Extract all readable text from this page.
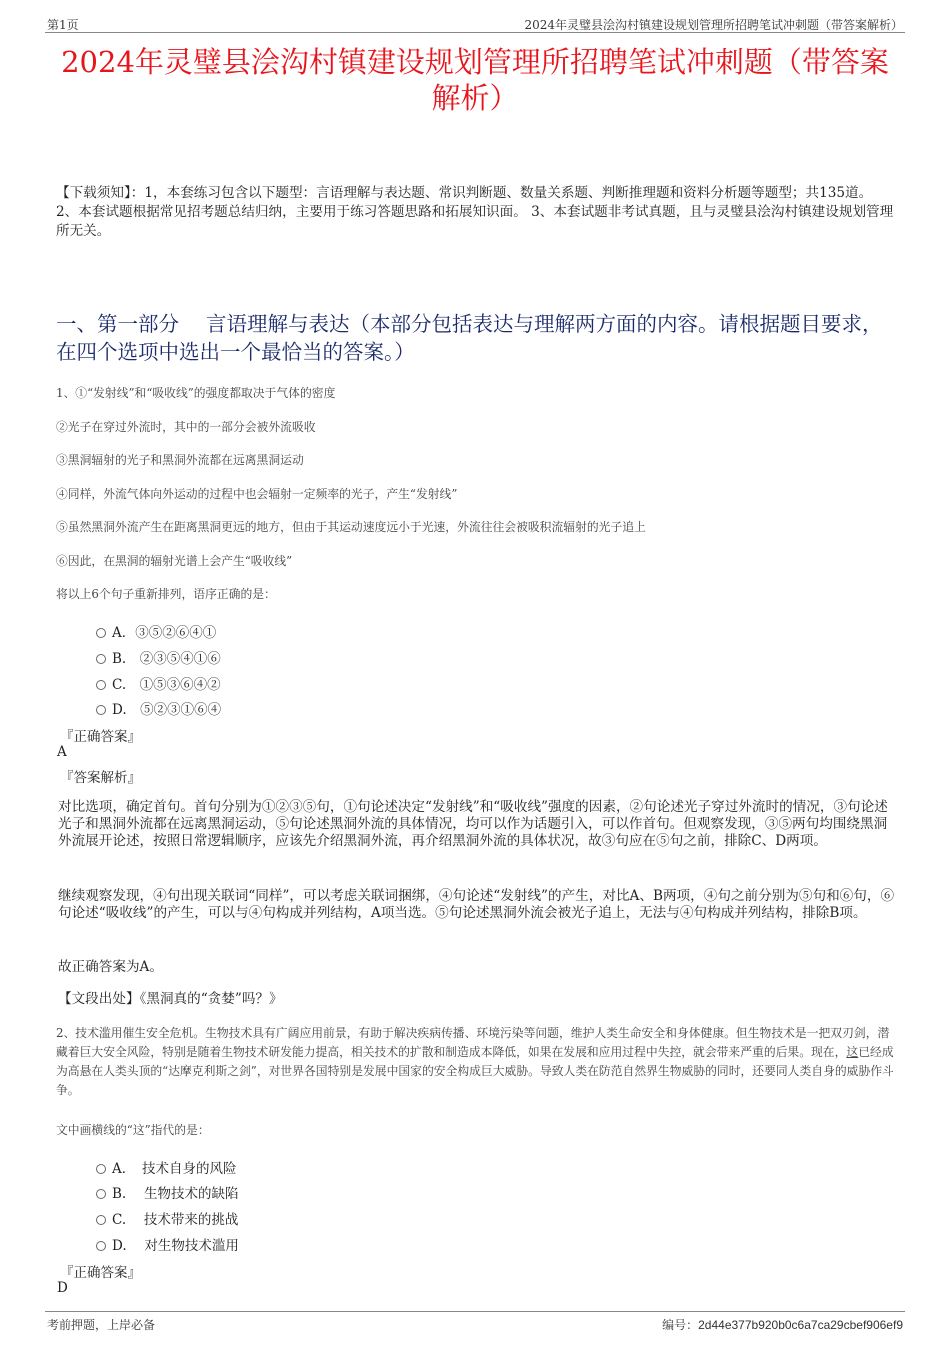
第1页	2024年灵璧县浍沟村镇建设规划管理所招聘笔试冲刺题（带答案解析）
2024年灵璧县浍沟村镇建设规划管理所招聘笔试冲刺题（带答案解析）
【下载须知】：1，本套练习包含以下题型：言语理解与表达题、常识判断题、数量关系题、判断推理题和资料分析题等题型；共135道。 2、本套试题根据常见招考题总结归纳，主要用于练习答题思路和拓展知识面。 3、本套试题非考试真题，且与灵璧县浍沟村镇建设规划管理所无关。
一、第一部分　 言语理解与表达（本部分包括表达与理解两方面的内容。请根据题目要求，在四个选项中选出一个最恰当的答案。）
1、①“发射线”和“吸收线”的强度都取决于气体的密度
②光子在穿过外流时，其中的一部分会被外流吸收
③黑洞辐射的光子和黑洞外流都在远离黑洞运动
④同样，外流气体向外运动的过程中也会辐射一定频率的光子，产生“发射线”
⑤虽然黑洞外流产生在距离黑洞更远的地方，但由于其运动速度远小于光速，外流往往会被吸积流辐射的光子追上
⑥因此，在黑洞的辐射光谱上会产生“吸收线”
将以上6个句子重新排列，语序正确的是：
A．③⑤②⑥④①
B.　②③⑤④①⑥
C.　①⑤③⑥④②
D.　⑤②③①⑥④
『正确答案』
A
『答案解析』
对比选项，确定首句。首句分别为①②③⑤句，①句论述决定“发射线”和“吸收线”强度的因素，②句论述光子穿过外流时的情况，③句论述光子和黑洞外流都在远离黑洞运动，⑤句论述黑洞外流的具体情况，均可以作为话题引入，可以作首句。但观察发现，③⑤两句均围绕黑洞外流展开论述，按照日常逻辑顺序，应该先介绍黑洞外流，再介绍黑洞外流的具体状况，故③句应在⑤句之前，排除C、D两项。
继续观察发现，④句出现关联词“同样”，可以考虑关联词捆绑，④句论述“发射线”的产生，对比A、B两项，④句之前分别为⑤句和⑥句，⑥句论述“吸收线”的产生，可以与④句构成并列结构，A项当选。⑤句论述黑洞外流会被光子追上，无法与④句构成并列结构，排除B项。
故正确答案为A。
【文段出处】《黑洞真的“贪婪”吗？》
2、技术滥用催生安全危机。生物技术具有广阔应用前景，有助于解决疾病传播、环境污染等问题，维护人类生命安全和身体健康。但生物技术是一把双刃剑，潜藏着巨大安全风险，特别是随着生物技术研发能力提高，相关技术的扩散和制造成本降低，如果在发展和应用过程中失控，就会带来严重的后果。现在，这已经成为高悬在人类头顶的“达摩克利斯之剑”，对世界各国特别是发展中国家的安全构成巨大威胁。导致人类在防范自然界生物威胁的同时，还要同人类自身的威胁作斗争。
文中画横线的“这”指代的是：
A．　技术自身的风险
B.　 生物技术的缺陷
C.　 技术带来的挑战
D.　 对生物技术滥用
『正确答案』
D
考前押题，上岸必备	编号：2d44e377b920b0c6a7ca29cbef906ef9
